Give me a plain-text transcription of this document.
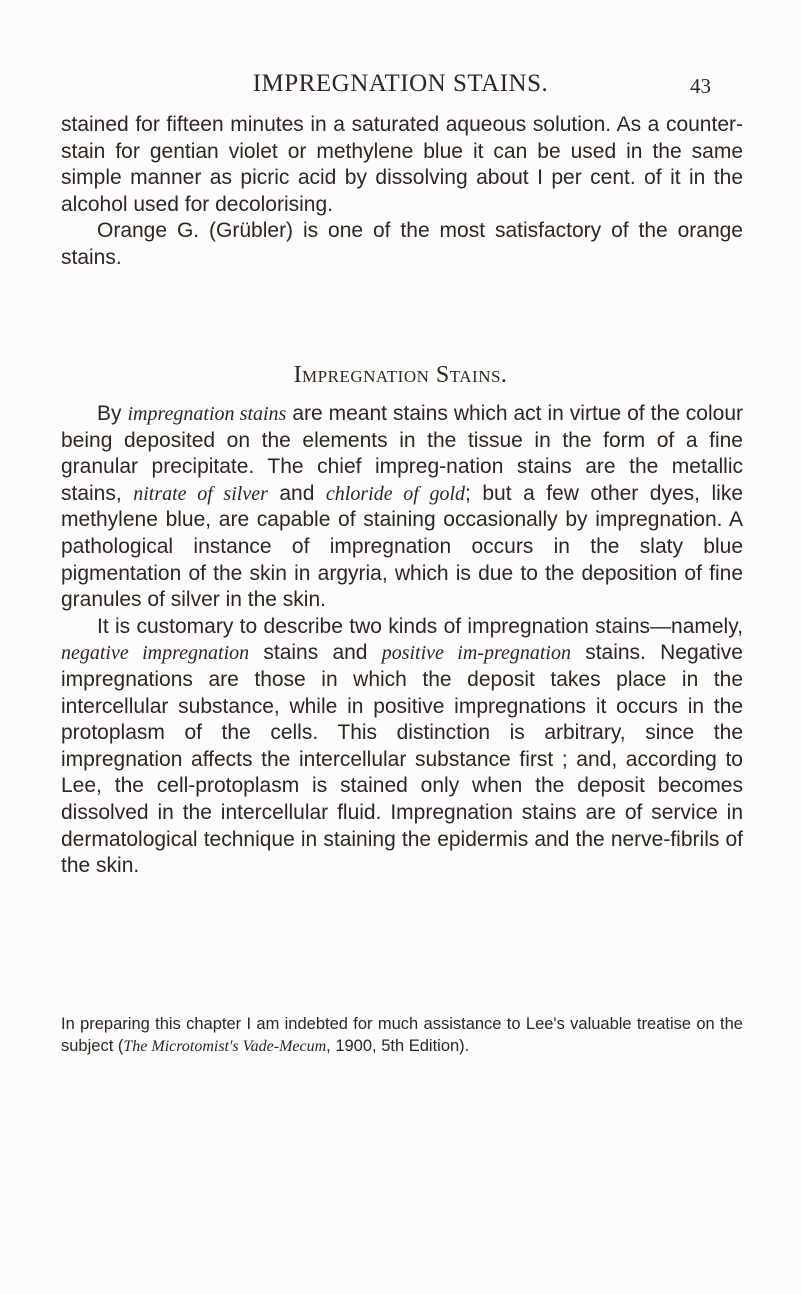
IMPREGNATION STAINS.	43

stained for fifteen minutes in a saturated aqueous solution. As a counter-stain for gentian violet or methylene blue it can be used in the same simple manner as picric acid by dissolving about I per cent. of it in the alcohol used for decolorising.

Orange G. (Grübler) is one of the most satisfactory of the orange stains.

Impregnation Stains.

By impregnation stains are meant stains which act in virtue of the colour being deposited on the elements in the tissue in the form of a fine granular precipitate. The chief impreg-nation stains are the metallic stains, nitrate of silver and chloride of gold; but a few other dyes, like methylene blue, are capable of staining occasionally by impregnation. A pathological instance of impregnation occurs in the slaty blue pigmentation of the skin in argyria, which is due to the deposition of fine granules of silver in the skin.

It is customary to describe two kinds of impregnation stains—namely, negative impregnation stains and positive im-pregnation stains. Negative impregnations are those in which the deposit takes place in the intercellular substance, while in positive impregnations it occurs in the protoplasm of the cells. This distinction is arbitrary, since the impregnation affects the intercellular substance first ; and, according to Lee, the cell-protoplasm is stained only when the deposit becomes dissolved in the intercellular fluid. Impregnation stains are of service in dermatological technique in staining the epidermis and the nerve-fibrils of the skin.

In preparing this chapter I am indebted for much assistance to Lee's valuable treatise on the subject (The Microtomist's Vade-Mecum, 1900, 5th Edition).
